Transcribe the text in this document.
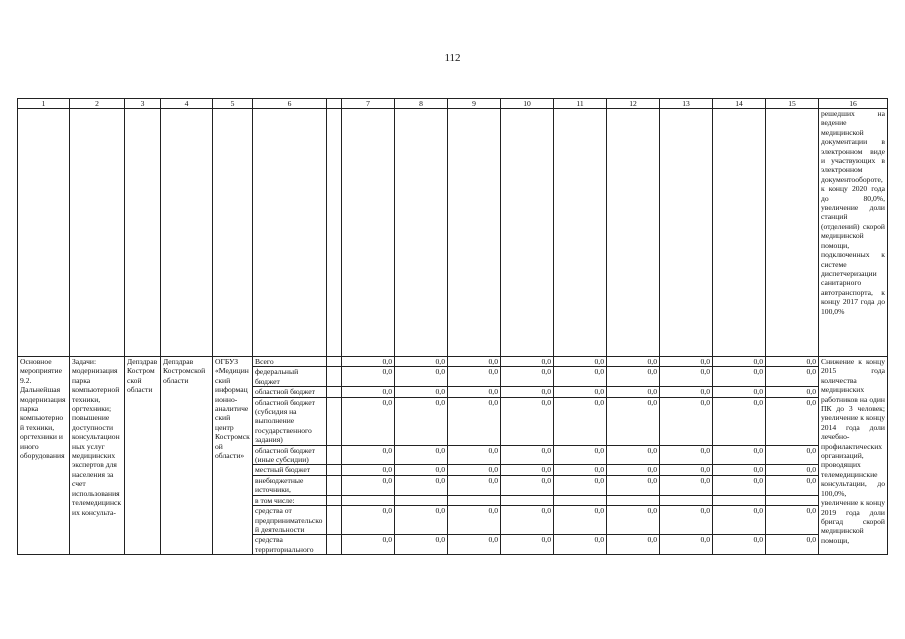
112
1	2	3	4	5	6		7	8	9	10	11	12	13	14	15	16
																решедших на ведение медицинской документации в электронном виде и участвующих в электронном документообороте, к концу 2020 года до 80,0%, увеличение доли станций (отделений) скорой медицинской помощи, подключенных к системе диспетчеризации санитарного автотранспорта, к концу 2017 года до 100,0%
Основное мероприятие 9.2. Дальнейшая модернизация парка компьютерной техники, оргтехники и иного оборудования	Задачи: модернизация парка компьютерной техники, оргтехники; повышение доступности консультационных услуг медицинских экспертов для населения за счет использования телемедицинских консульта-	Депздрав Костромской области	Депздрав Костромской области	ОГБУЗ «Медицинский информационно-аналитический центр Костромской области»	Всего		0,0	0,0	0,0	0,0	0,0	0,0	0,0	0,0	0,0	Снижение к концу 2015 года количества медицинских работников на один ПК до 3 человек; увеличение к концу 2014 года доли лечебно-профилактических организаций, проводящих телемедицинские консультации, до 100,0%, увеличение к концу 2019 года доли бригад скорой медицинской помощи,
					федеральный бюджет		0,0	0,0	0,0	0,0	0,0	0,0	0,0	0,0	0,0	
					областной бюджет		0,0	0,0	0,0	0,0	0,0	0,0	0,0	0,0	0,0	
					областной бюджет (субсидия на выполнение государственного задания)		0,0	0,0	0,0	0,0	0,0	0,0	0,0	0,0	0,0	
					областной бюджет (иные субсидии)		0,0	0,0	0,0	0,0	0,0	0,0	0,0	0,0	0,0	
					местный бюджет		0,0	0,0	0,0	0,0	0,0	0,0	0,0	0,0	0,0	
					внебюджетные источники,		0,0	0,0	0,0	0,0	0,0	0,0	0,0	0,0	0,0	
					в том числе:											
					средства от предпринимательской деятельности		0,0	0,0	0,0	0,0	0,0	0,0	0,0	0,0	0,0	
					средства территориального		0,0	0,0	0,0	0,0	0,0	0,0	0,0	0,0	0,0	
